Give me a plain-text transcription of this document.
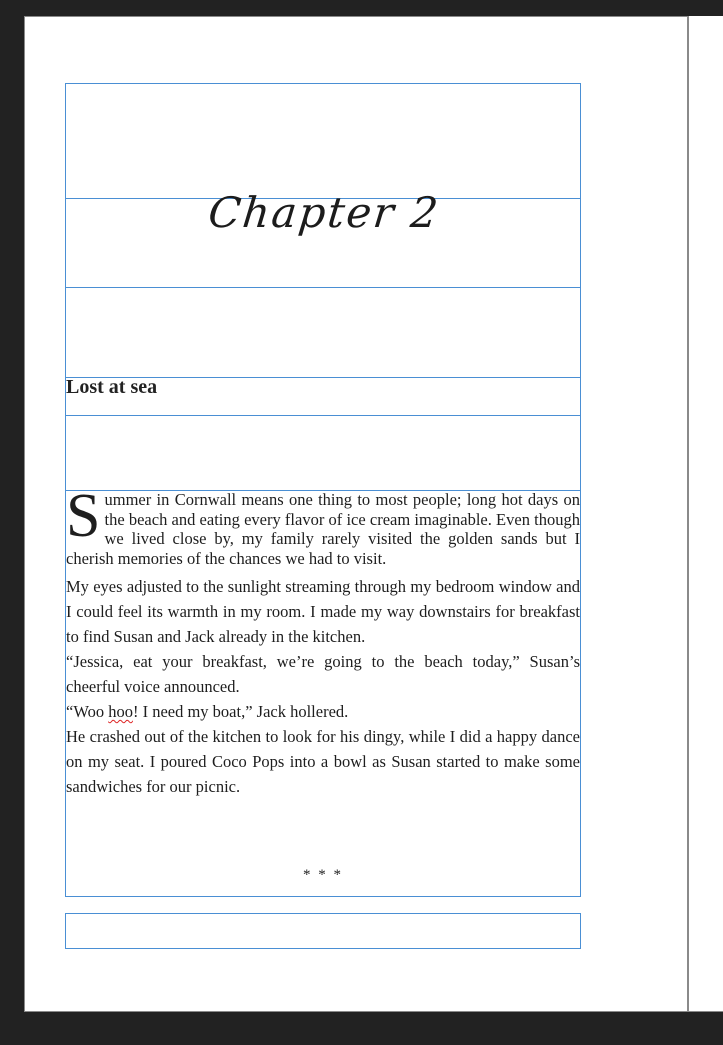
Chapter 2
Lost at sea

Summer in Cornwall means one thing to most people; long hot days on the beach and eating every flavor of ice cream imaginable. Even though we lived close by, my family rarely visited the golden sands but I cherish memories of the chances we had to visit.

My eyes adjusted to the sunlight streaming through my bedroom window and I could feel its warmth in my room. I made my way downstairs for breakfast to find Susan and Jack already in the kitchen.

“Jessica, eat your breakfast, we’re going to the beach today,” Susan’s cheerful voice announced.

“Woo hoo! I need my boat,” Jack hollered.

He crashed out of the kitchen to look for his dingy, while I did a happy dance on my seat. I poured Coco Pops into a bowl as Susan started to make some sandwiches for our picnic.

* * *
